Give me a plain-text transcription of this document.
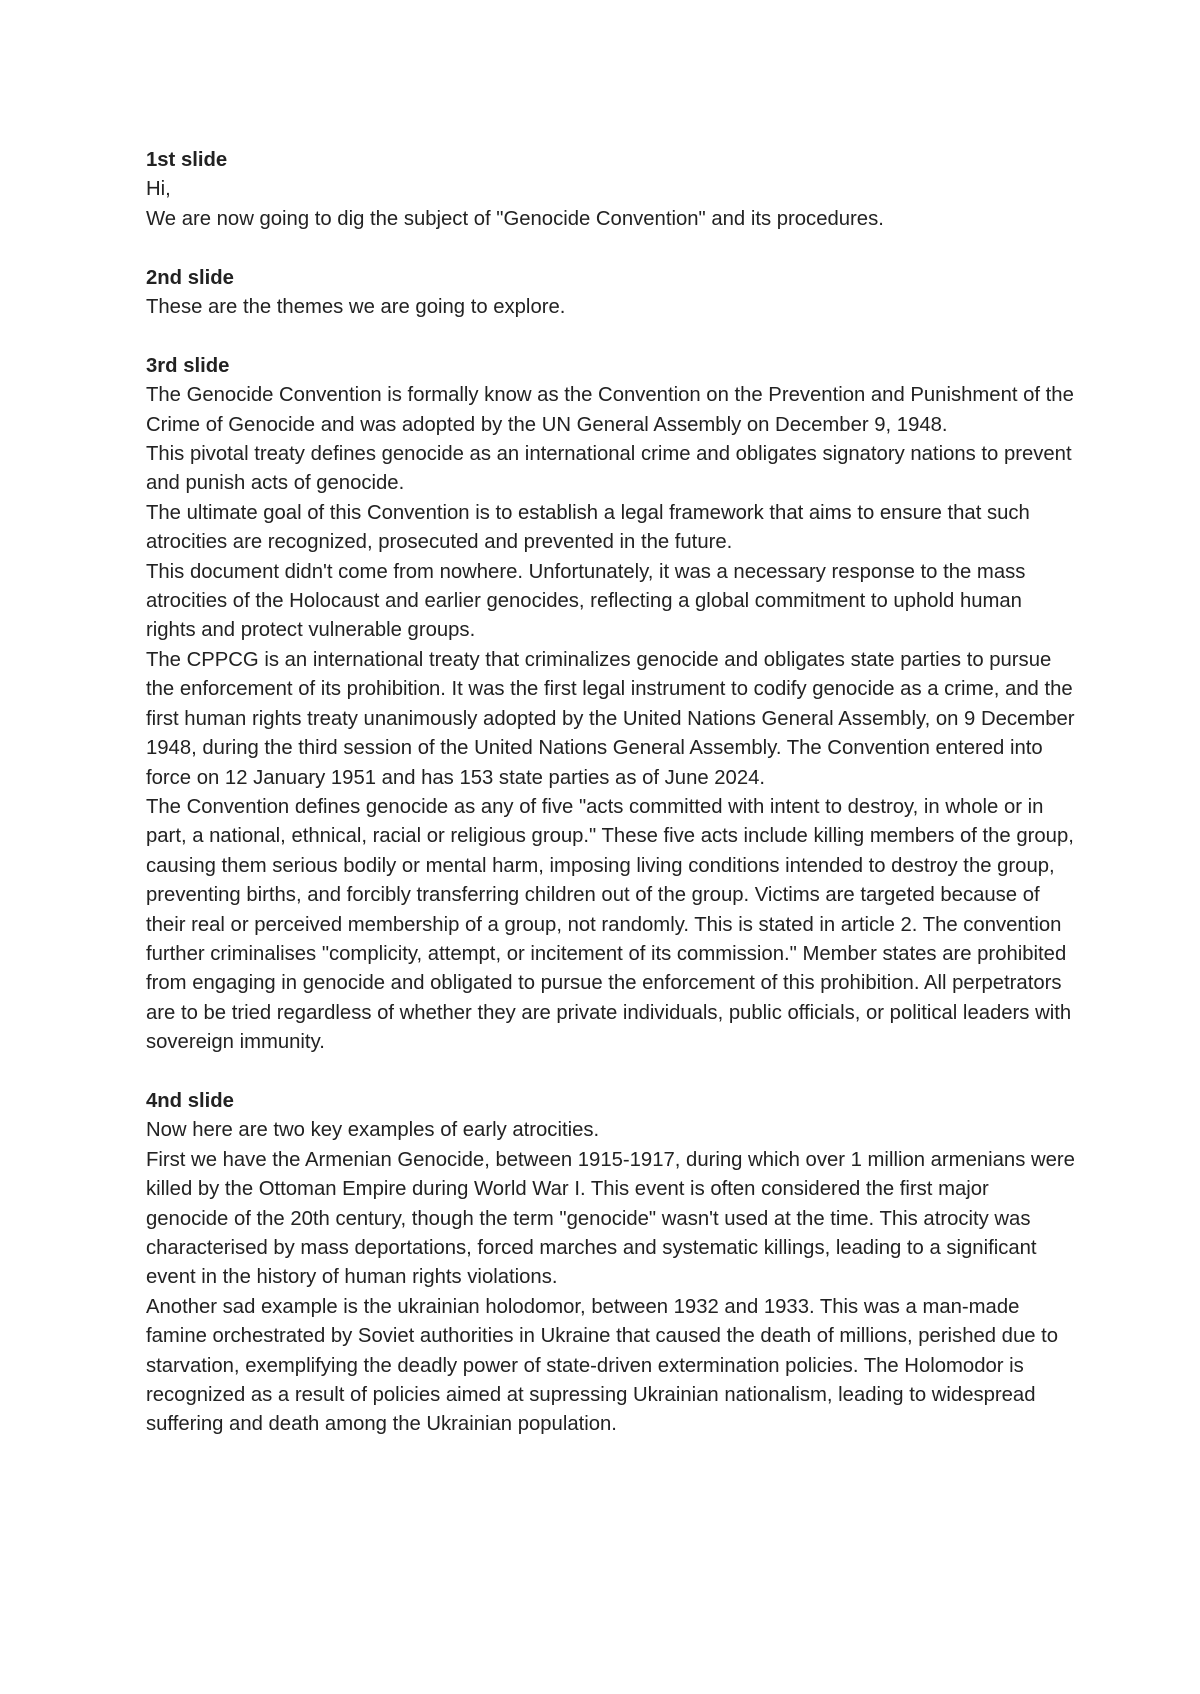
1st slide
Hi,
We are now going to dig the subject of "Genocide Convention" and its procedures.
2nd slide
These are the themes we are going to explore.
3rd slide
The Genocide Convention is formally know as the Convention on the Prevention and Punishment of the Crime of Genocide and was adopted by the UN General Assembly on December 9, 1948.
This pivotal treaty defines genocide as an international crime and obligates signatory nations to prevent and punish acts of genocide.
The ultimate goal of this Convention is to establish a legal framework that aims to ensure that such atrocities are recognized, prosecuted and prevented in the future.
This document didn't come from nowhere. Unfortunately, it was a necessary response to the mass atrocities of the Holocaust and earlier genocides, reflecting a global commitment to uphold human rights and protect vulnerable groups.
The CPPCG is an international treaty that criminalizes genocide and obligates state parties to pursue the enforcement of its prohibition. It was the first legal instrument to codify genocide as a crime, and the first human rights treaty unanimously adopted by the United Nations General Assembly, on 9 December 1948, during the third session of the United Nations General Assembly. The Convention entered into force on 12 January 1951 and has 153 state parties as of June 2024.
The Convention defines genocide as any of five "acts committed with intent to destroy, in whole or in part, a national, ethnical, racial or religious group." These five acts include killing members of the group, causing them serious bodily or mental harm, imposing living conditions intended to destroy the group, preventing births, and forcibly transferring children out of the group. Victims are targeted because of their real or perceived membership of a group, not randomly. This is stated in article 2. The convention further criminalises "complicity, attempt, or incitement of its commission." Member states are prohibited from engaging in genocide and obligated to pursue the enforcement of this prohibition. All perpetrators are to be tried regardless of whether they are private individuals, public officials, or political leaders with sovereign immunity.
4nd slide
Now here are two key examples of early atrocities.
First we have the Armenian Genocide, between 1915-1917, during which over 1 million armenians were killed by the Ottoman Empire during World War I. This event is often considered the first major genocide of the 20th century, though the term "genocide" wasn't used at the time. This atrocity was characterised by mass deportations, forced marches and systematic killings, leading to a significant event in the history of human rights violations.
Another sad example is the ukrainian holodomor, between 1932 and 1933. This was a man-made famine orchestrated by Soviet authorities in Ukraine that caused the death of millions, perished due to starvation, exemplifying the deadly power of state-driven extermination policies. The Holomodor is recognized as a result of policies aimed at supressing Ukrainian nationalism, leading to widespread suffering and death among the Ukrainian population.
